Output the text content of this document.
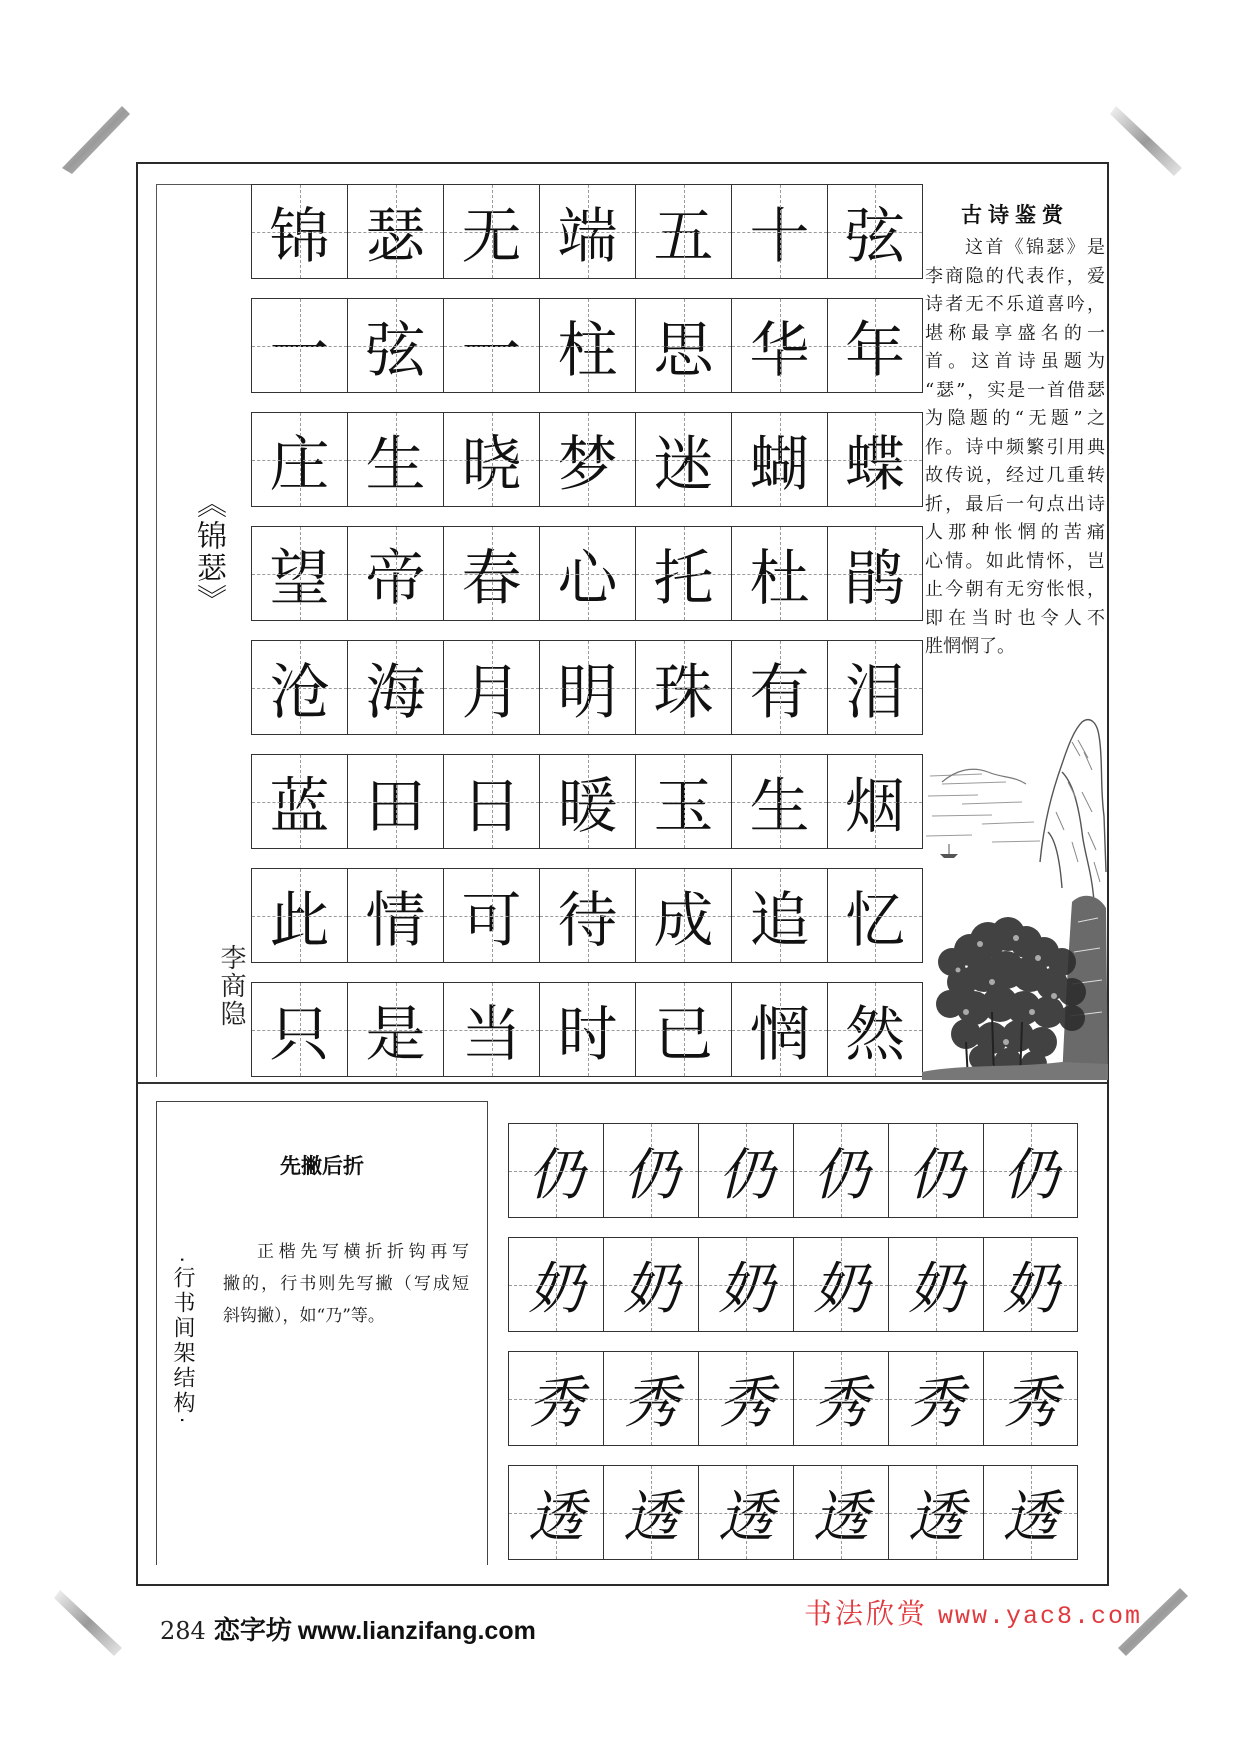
《锦瑟》
李商隐
锦 瑟 无 端 五 十 弦
一 弦 一 柱 思 华 年
庄 生 晓 梦 迷 蝴 蝶
望 帝 春 心 托 杜 鹃
沧 海 月 明 珠 有 泪
蓝 田 日 暖 玉 生 烟
此 情 可 待 成 追 忆
只 是 当 时 已 惘 然
古诗鉴赏
这首《锦瑟》是
李商隐的代表作，爱
诗者无不乐道喜吟，
堪称最享盛名的一
首。这首诗虽题为
“瑟”，实是一首借瑟
为隐题的“无题”之
作。诗中频繁引用典
故传说，经过几重转
折，最后一句点出诗
人那种怅惘的苦痛
心情。如此情怀，岂
止今朝有无穷怅恨，
即在当时也令人不
胜惘惘了。
·行书间架结构·
先撇后折
正楷先写横折折钩再写
撇的，行书则先写撇（写成短
斜钩撇），如“乃”等。
仍 仍 仍 仍 仍 仍
奶 奶 奶 奶 奶 奶
秀 秀 秀 秀 秀 秀
透 透 透 透 透 透
284 恋字坊 www.lianzifang.com
书法欣赏 www.yac8.com
